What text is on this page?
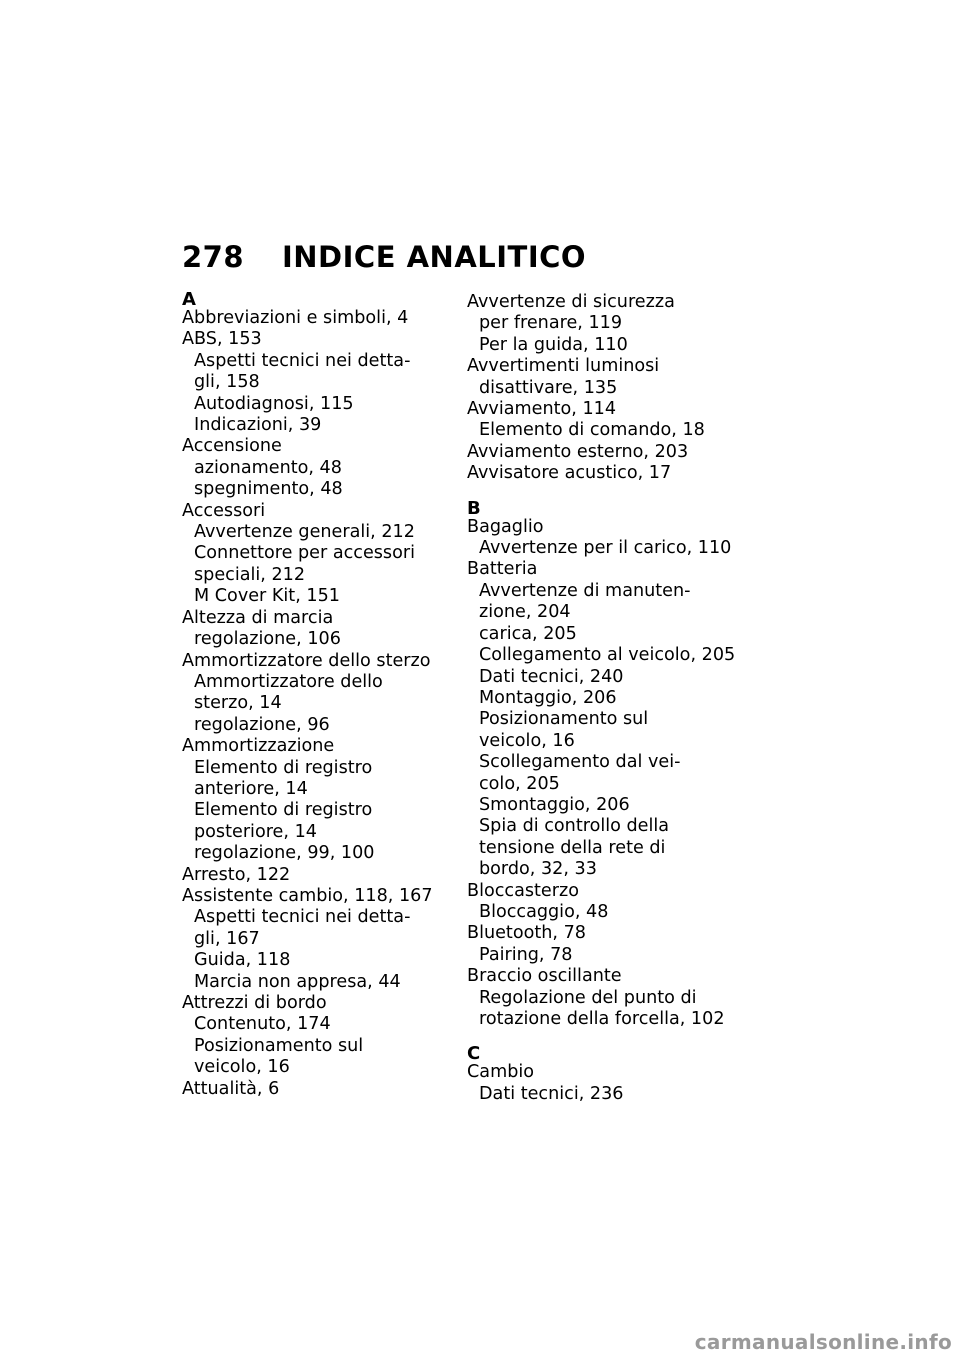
278	INDICE ANALITICO
A
Abbreviazioni e simboli, 4
ABS, 153
Aspetti tecnici nei detta-
gli, 158
Autodiagnosi, 115
Indicazioni, 39
Accensione
azionamento, 48
spegnimento, 48
Accessori
Avvertenze generali, 212
Connettore per accessori
speciali, 212
M Cover Kit, 151
Altezza di marcia
regolazione, 106
Ammortizzatore dello sterzo
Ammortizzatore dello
sterzo, 14
regolazione, 96
Ammortizzazione
Elemento di registro
anteriore, 14
Elemento di registro
posteriore, 14
regolazione, 99, 100
Arresto, 122
Assistente cambio, 118, 167
Aspetti tecnici nei detta-
gli, 167
Guida, 118
Marcia non appresa, 44
Attrezzi di bordo
Contenuto, 174
Posizionamento sul
veicolo, 16
Attualità, 6
Avvertenze di sicurezza
per frenare, 119
Per la guida, 110
Avvertimenti luminosi
disattivare, 135
Avviamento, 114
Elemento di comando, 18
Avviamento esterno, 203
Avvisatore acustico, 17
B
Bagaglio
Avvertenze per il carico, 110
Batteria
Avvertenze di manuten-
zione, 204
carica, 205
Collegamento al veicolo, 205
Dati tecnici, 240
Montaggio, 206
Posizionamento sul
veicolo, 16
Scollegamento dal vei-
colo, 205
Smontaggio, 206
Spia di controllo della
tensione della rete di
bordo, 32, 33
Bloccasterzo
Bloccaggio, 48
Bluetooth, 78
Pairing, 78
Braccio oscillante
Regolazione del punto di
rotazione della forcella, 102
C
Cambio
Dati tecnici, 236
carmanualsonline.info
